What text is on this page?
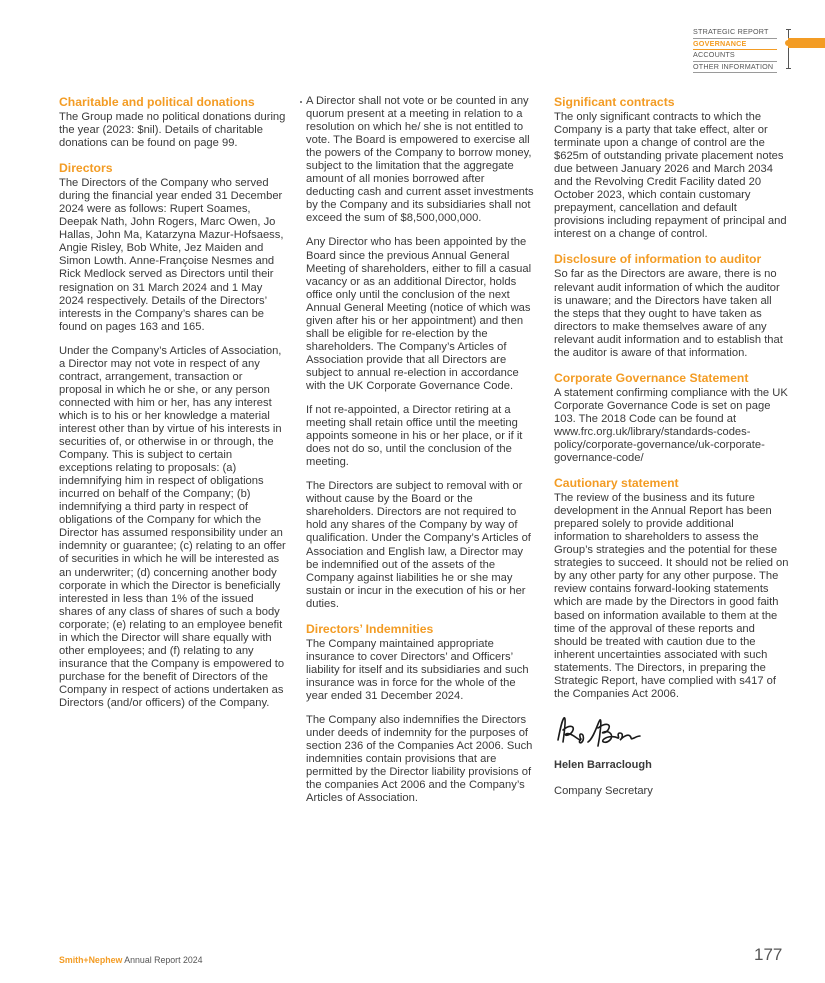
STRATEGIC REPORT
GOVERNANCE
ACCOUNTS
OTHER INFORMATION
Charitable and political donations

The Group made no political donations during the year (2023: $nil). Details of charitable donations can be found on page 99.

Directors

The Directors of the Company who served during the financial year ended 31 December 2024 were as follows: Rupert Soames, Deepak Nath, John Rogers, Marc Owen, Jo Hallas, John Ma, Katarzyna Mazur-Hofsaess, Angie Risley, Bob White, Jez Maiden and Simon Lowth. Anne-Françoise Nesmes and Rick Medlock served as Directors until their resignation on 31 March 2024 and 1 May 2024 respectively. Details of the Directors’ interests in the Company’s shares can be found on pages 163 and 165.

Under the Company’s Articles of Association, a Director may not vote in respect of any contract, arrangement, transaction or proposal in which he or she, or any person connected with him or her, has any interest which is to his or her knowledge a material interest other than by virtue of his interests in securities of, or otherwise in or through, the Company. This is subject to certain exceptions relating to proposals: (a) indemnifying him in respect of obligations incurred on behalf of the Company; (b) indemnifying a third party in respect of obligations of the Company for which the Director has assumed responsibility under an indemnity or guarantee; (c) relating to an offer of securities in which he will be interested as an underwriter; (d) concerning another body corporate in which the Director is beneficially interested in less than 1% of the issued shares of any class of shares of such a body corporate; (e) relating to an employee benefit in which the Director will share equally with other employees; and (f) relating to any insurance that the Company is empowered to purchase for the benefit of Directors of the Company in respect of actions undertaken as Directors (and/or officers) of the Company.

A Director shall not vote or be counted in any quorum present at a meeting in relation to a resolution on which he/ she is not entitled to vote. The Board is empowered to exercise all the powers of the Company to borrow money, subject to the limitation that the aggregate amount of all monies borrowed after deducting cash and current asset investments by the Company and its subsidiaries shall not exceed the sum of $8,500,000,000.

Any Director who has been appointed by the Board since the previous Annual General Meeting of shareholders, either to fill a casual vacancy or as an additional Director, holds office only until the conclusion of the next Annual General Meeting (notice of which was given after his or her appointment) and then shall be eligible for re-election by the shareholders. The Company’s Articles of Association provide that all Directors are subject to annual re-election in accordance with the UK Corporate Governance Code.

If not re-appointed, a Director retiring at a meeting shall retain office until the meeting appoints someone in his or her place, or if it does not do so, until the conclusion of the meeting.

The Directors are subject to removal with or without cause by the Board or the shareholders. Directors are not required to hold any shares of the Company by way of qualification. Under the Company’s Articles of Association and English law, a Director may be indemnified out of the assets of the Company against liabilities he or she may sustain or incur in the execution of his or her duties.

Directors’ Indemnities

The Company maintained appropriate insurance to cover Directors’ and Officers’ liability for itself and its subsidiaries and such insurance was in force for the whole of the year ended 31 December 2024.

The Company also indemnifies the Directors under deeds of indemnity for the purposes of section 236 of the Companies Act 2006. Such indemnities contain provisions that are permitted by the Director liability provisions of the companies Act 2006 and the Company’s Articles of Association.

Significant contracts

The only significant contracts to which the Company is a party that take effect, alter or terminate upon a change of control are the $625m of outstanding private placement notes due between January 2026 and March 2034 and the Revolving Credit Facility dated 20 October 2023, which contain customary prepayment, cancellation and default provisions including repayment of principal and interest on a change of control.

Disclosure of information to auditor

So far as the Directors are aware, there is no relevant audit information of which the auditor is unaware; and the Directors have taken all the steps that they ought to have taken as directors to make themselves aware of any relevant audit information and to establish that the auditor is aware of that information.

Corporate Governance Statement

A statement confirming compliance with the UK Corporate Governance Code is set on page 103. The 2018 Code can be found at www.frc.org.uk/library/standards-codes-policy/corporate-governance/uk-corporate-governance-code/

Cautionary statement

The review of the business and its future development in the Annual Report has been prepared solely to provide additional information to shareholders to assess the Group’s strategies and the potential for these strategies to succeed. It should not be relied on by any other party for any other purpose. The review contains forward-looking statements which are made by the Directors in good faith based on information available to them at the time of the approval of these reports and should be treated with caution due to the inherent uncertainties associated with such statements. The Directors, in preparing the Strategic Report, have complied with s417 of the Companies Act 2006.

Helen Barraclough

Company Secretary

Smith+Nephew Annual Report 2024	177
